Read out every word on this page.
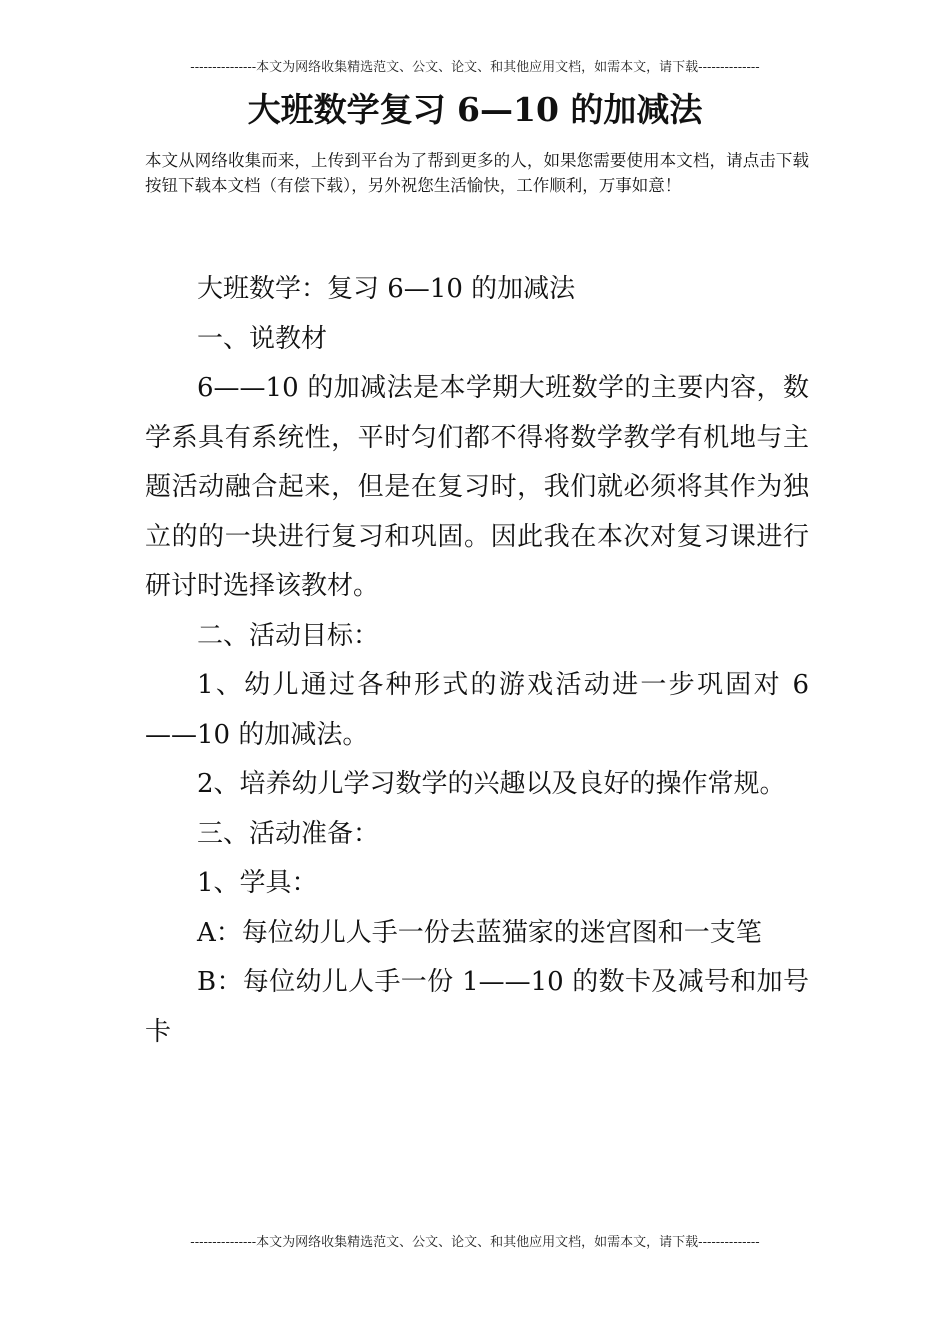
---------------本文为网络收集精选范文、公文、论文、和其他应用文档，如需本文，请下载--------------
大班数学复习 6—10 的加减法

本文从网络收集而来，上传到平台为了帮到更多的人，如果您需要使用本文档，请点击下载按钮下载本文档（有偿下载），另外祝您生活愉快，工作顺利，万事如意！

大班数学：复习 6—10 的加减法

一、说教材

6——10 的加减法是本学期大班数学的主要内容，数学系具有系统性，平时匀们都不得将数学教学有机地与主题活动融合起来，但是在复习时，我们就必须将其作为独立的的一块进行复习和巩固。因此我在本次对复习课进行研讨时选择该教材。

二、活动目标：

1、幼儿通过各种形式的游戏活动进一步巩固对 6——10 的加减法。

2、培养幼儿学习数学的兴趣以及良好的操作常规。

三、活动准备：

1、学具：

A：每位幼儿人手一份去蓝猫家的迷宫图和一支笔

B：每位幼儿人手一份 1——10 的数卡及减号和加号卡

---------------本文为网络收集精选范文、公文、论文、和其他应用文档，如需本文，请下载--------------
